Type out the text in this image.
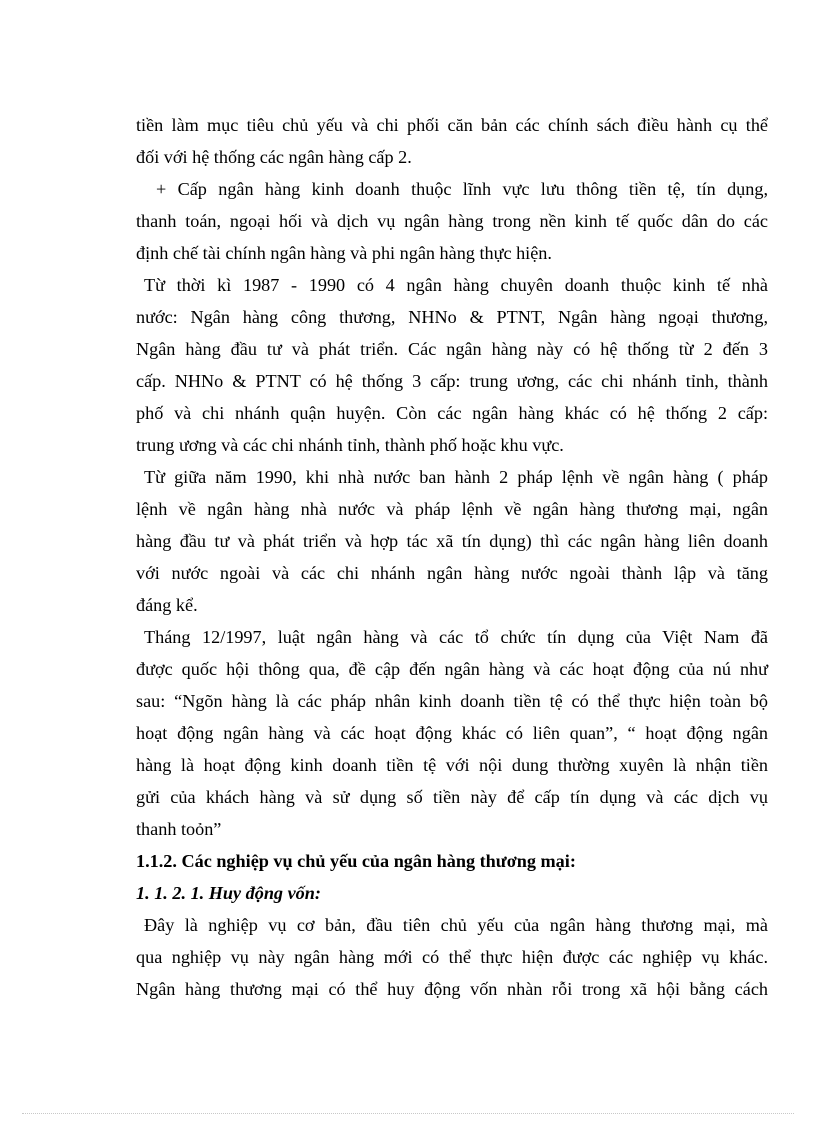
tiền làm mục tiêu chủ yếu và chi phối căn bản các chính sách điều hành cụ thể
đối với hệ thống các ngân hàng cấp 2.
+ Cấp ngân hàng kinh doanh thuộc lĩnh vực lưu thông tiền tệ, tín dụng,
thanh toán, ngoại hối và dịch vụ ngân hàng trong nền kinh tế quốc dân do các
định chế tài chính ngân hàng và phi ngân hàng thực hiện.
Từ thời kì 1987 - 1990 có 4 ngân hàng chuyên doanh thuộc kinh tế nhà
nước: Ngân hàng công thương, NHNo & PTNT, Ngân hàng ngoại thương,
Ngân hàng đầu tư và phát triển. Các ngân hàng này có hệ thống từ 2 đến 3
cấp. NHNo & PTNT có hệ thống 3 cấp: trung ương, các chi nhánh tỉnh, thành
phố và chi nhánh quận huyện. Còn các ngân hàng khác có hệ thống 2 cấp:
trung ương và các chi nhánh tỉnh, thành phố hoặc khu vực.
Từ giữa năm 1990, khi nhà nước ban hành 2 pháp lệnh về ngân hàng ( pháp
lệnh về ngân hàng nhà nước và pháp lệnh về ngân hàng thương mại, ngân
hàng đầu tư và phát triển và hợp tác xã tín dụng) thì các ngân hàng liên doanh
với nước ngoài và các chi nhánh ngân hàng nước ngoài thành lập và tăng
đáng kể.
Tháng 12/1997, luật ngân hàng và các tổ chức tín dụng của Việt Nam đã
được quốc hội thông qua, đề cập đến ngân hàng và các hoạt động của nú như
sau: “Ngõn hàng là các pháp nhân kinh doanh tiền tệ có thể thực hiện toàn bộ
hoạt động ngân hàng và các hoạt động khác có liên quan”, “ hoạt động ngân
hàng là hoạt động kinh doanh tiền tệ với nội dung thường xuyên là nhận tiền
gửi của khách hàng và sử dụng số tiền này để cấp tín dụng và các dịch vụ
thanh toỏn”
1.1.2. Các nghiệp vụ chủ yếu của ngân hàng thương mại:
1. 1. 2. 1. Huy động vốn:
Đây là nghiệp vụ cơ bản, đầu tiên chủ yếu của ngân hàng thương mại, mà
qua nghiệp vụ này ngân hàng mới có thể thực hiện được các nghiệp vụ khác.
Ngân hàng thương mại có thể huy động vốn nhàn rỗi trong xã hội bằng cách
